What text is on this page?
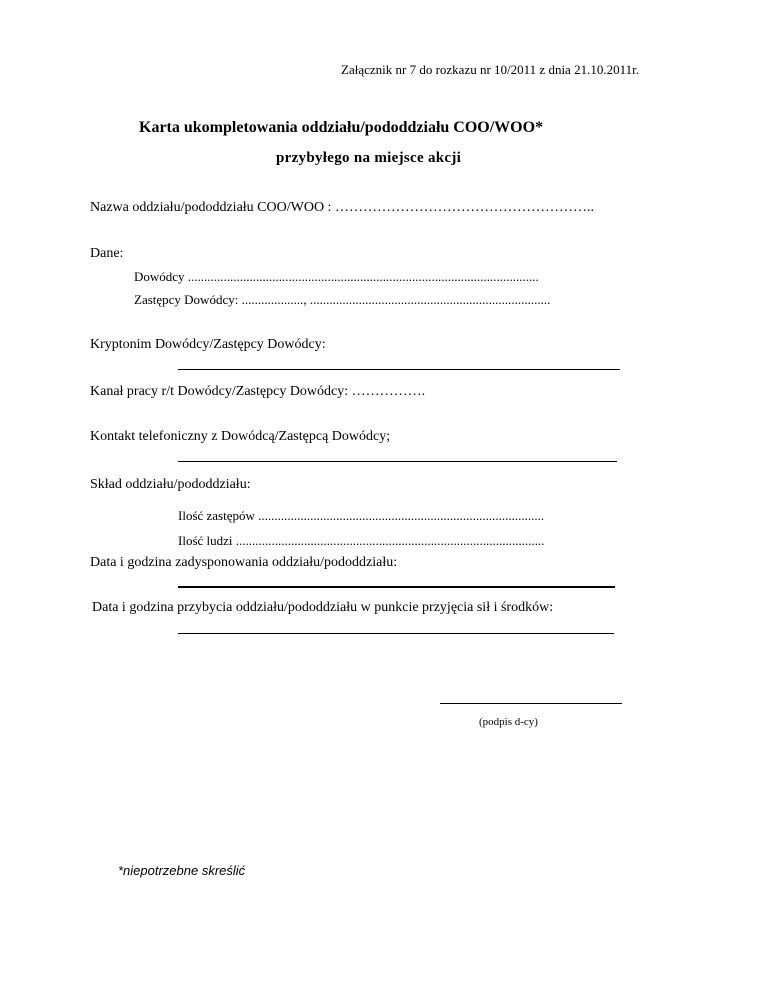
Załącznik nr 7 do rozkazu nr 10/2011 z dnia 21.10.2011r.
Karta ukompletowania oddziału/pododdziału COO/WOO*
przybyłego na miejsce akcji
Nazwa oddziału/pododdziału COO/WOO : ………………………………………………..
Dane:
Dowódcy ............................................................................................................
Zastępcy Dowódcy: ..................., ..........................................................................
Kryptonim Dowódcy/Zastępcy Dowódcy:
Kanał pracy r/t Dowódcy/Zastępcy Dowódcy: …………….
Kontakt telefoniczny z Dowódcą/Zastępcą Dowódcy;
Skład oddziału/pododdziału:
Ilość zastępów ........................................................................................
Ilość ludzi ...............................................................................................
Data i godzina zadysponowania oddziału/pododdziału:
Data i godzina przybycia oddziału/pododdziału w punkcie przyjęcia sił i środków:
(podpis d-cy)
*niepotrzebne skreślić
